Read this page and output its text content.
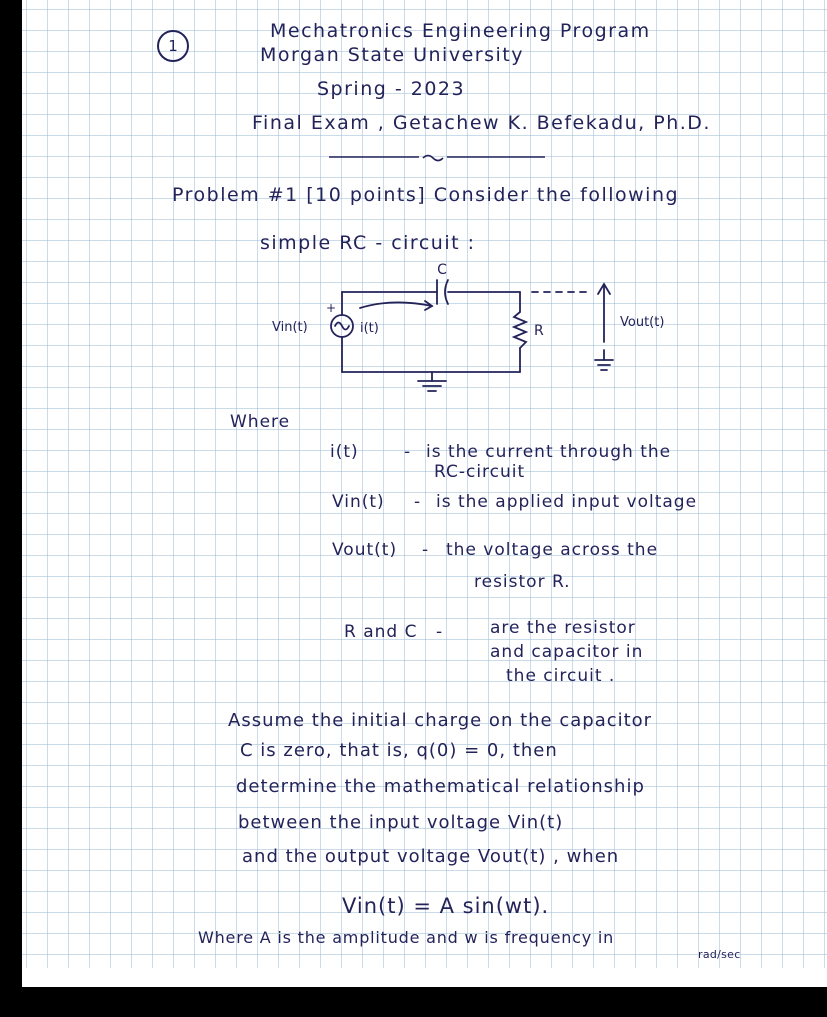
1
Mechatronics Engineering Program
Morgan State University
Spring - 2023
Final Exam , Getachew K. Befekadu, Ph.D.
Problem #1 [10 points] Consider the following
simple RC - circuit :
C
+
Vin(t)	i(t)	R
Vout(t)
Where
i(t)	- is the current through the
RC-circuit
Vin(t) - is the applied input voltage
Vout(t) - the voltage across the
resistor R.
R and C -	are the resistor
and capacitor in
the circuit .
Assume the initial charge on the capacitor
C is zero, that is, q(0) = 0, then
determine the mathematical relationship
between the input voltage Vin(t)
and the output voltage Vout(t) , when
Vin(t) = A sin(wt).
Where A is the amplitude and w is frequency in
rad/sec
